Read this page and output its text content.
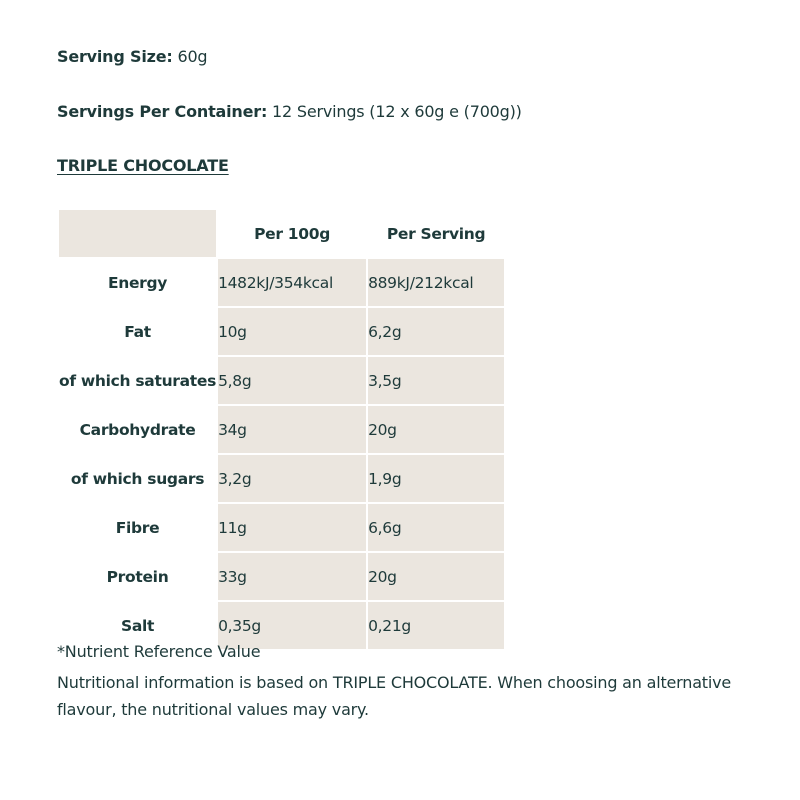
Serving Size: 60g
Servings Per Container: 12 Servings (12 x 60g e (700g))
TRIPLE CHOCOLATE
	Per 100g	Per Serving
Energy	1482kJ/354kcal	889kJ/212kcal
Fat	10g	6,2g
of which saturates	5,8g	3,5g
Carbohydrate	34g	20g
of which sugars	3,2g	1,9g
Fibre	11g	6,6g
Protein	33g	20g
Salt	0,35g	0,21g
*Nutrient Reference Value
Nutritional information is based on TRIPLE CHOCOLATE. When choosing an alternative flavour, the nutritional values may vary.
